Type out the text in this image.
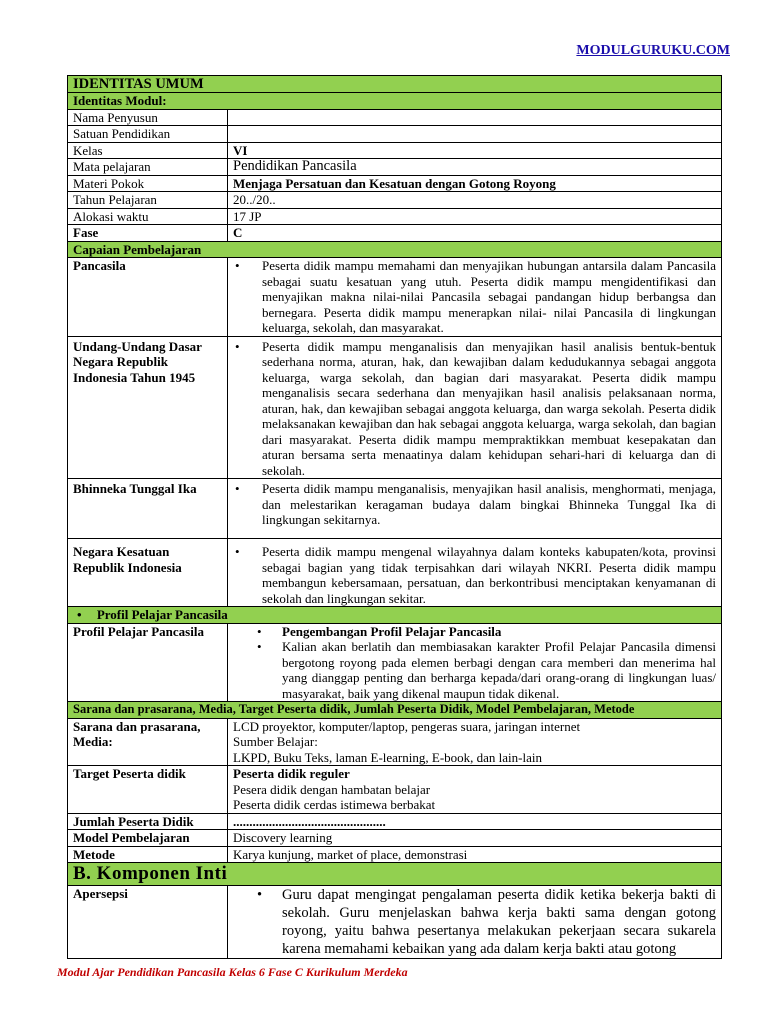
MODULGURUKU.COM
IDENTITAS UMUM	
Identitas Modul:	
Nama Penyusun	
Satuan Pendidikan	
Kelas	VI
Mata pelajaran	Pendidikan Pancasila
Materi Pokok	Menjaga Persatuan dan Kesatuan dengan Gotong Royong
Tahun Pelajaran	20../20..
Alokasi waktu	17 JP
Fase	C
Capaian Pembelajaran	
Pancasila	• Peserta didik mampu memahami dan menyajikan hubungan antarsila dalam Pancasila sebagai suatu kesatuan yang utuh. Peserta didik mampu mengidentifikasi dan menyajikan makna nilai-nilai Pancasila sebagai pandangan hidup berbangsa dan bernegara. Peserta didik mampu menerapkan nilai- nilai Pancasila di lingkungan keluarga, sekolah, dan masyarakat.

Undang-Undang Dasar Negara Republik Indonesia Tahun 1945	• Peserta didik mampu menganalisis dan menyajikan hasil analisis bentuk-bentuk sederhana norma, aturan, hak, dan kewajiban dalam kedudukannya sebagai anggota keluarga, warga sekolah, dan bagian dari masyarakat. Peserta didik mampu menganalisis secara sederhana dan menyajikan hasil analisis pelaksanaan norma, aturan, hak, dan kewajiban sebagai anggota keluarga, dan warga sekolah. Peserta didik melaksanakan kewajiban dan hak sebagai anggota keluarga, warga sekolah, dan bagian dari masyarakat. Peserta didik mampu mempraktikkan membuat kesepakatan dan aturan bersama serta menaatinya dalam kehidupan sehari-hari di keluarga dan di sekolah.

Bhinneka Tunggal Ika	• Peserta didik mampu menganalisis, menyajikan hasil analisis, menghormati, menjaga, dan melestarikan keragaman budaya dalam bingkai Bhinneka Tunggal Ika di lingkungan sekitarnya.

Negara Kesatuan Republik Indonesia	• Peserta didik mampu mengenal wilayahnya dalam konteks kabupaten/kota, provinsi sebagai bagian yang tidak terpisahkan dari wilayah NKRI. Peserta didik mampu membangun kebersamaan, persatuan, dan berkontribusi menciptakan kenyamanan di sekolah dan lingkungan sekitar.

• Profil Pelajar Pancasila	
Profil Pelajar Pancasila	• Pengembangan Profil Pelajar Pancasila
• Kalian akan berlatih dan membiasakan karakter Profil Pelajar Pancasila dimensi bergotong royong pada elemen berbagi dengan cara memberi dan menerima hal yang dianggap penting dan berharga kepada/dari orang-orang di lingkungan luas/ masyarakat, baik yang dikenal maupun tidak dikenal.

Sarana dan prasarana, Media, Target Peserta didik, Jumlah Peserta Didik, Model Pembelajaran, Metode	
Sarana dan prasarana, Media:	LCD proyektor, komputer/laptop, pengeras suara, jaringan internet
Sumber Belajar:
LKPD, Buku Teks, laman E-learning, E-book, dan lain-lain

Target Peserta didik	Peserta didik reguler
Pesera didik dengan hambatan belajar
Peserta didik cerdas istimewa berbakat

Jumlah Peserta Didik	...............................................
Model Pembelajaran	Discovery learning
Metode	Karya kunjung, market of place, demonstrasi
B. Komponen Inti	
Apersepsi	• Guru dapat mengingat pengalaman peserta didik ketika bekerja bakti di sekolah. Guru menjelaskan bahwa kerja bakti sama dengan gotong royong, yaitu bahwa pesertanya melakukan pekerjaan secara sukarela karena memahami kebaikan yang ada dalam kerja bakti atau gotong
Modul Ajar Pendidikan Pancasila Kelas 6 Fase C Kurikulum Merdeka
